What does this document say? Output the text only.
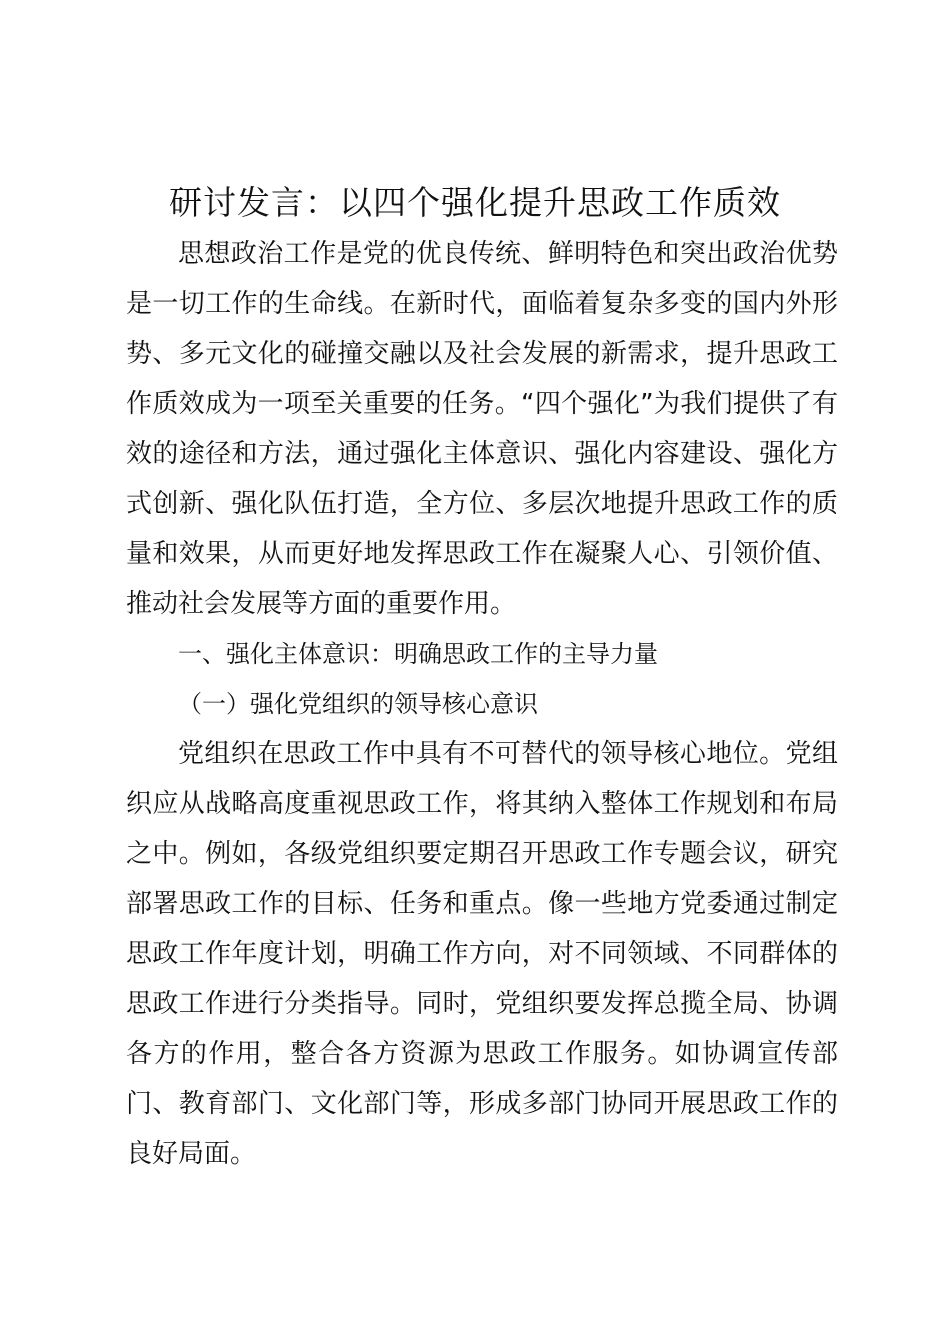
研讨发言：以四个强化提升思政工作质效

思想政治工作是党的优良传统、鲜明特色和突出政治优势是一切工作的生命线。在新时代，面临着复杂多变的国内外形势、多元文化的碰撞交融以及社会发展的新需求，提升思政工作质效成为一项至关重要的任务。“四个强化”为我们提供了有效的途径和方法，通过强化主体意识、强化内容建设、强化方式创新、强化队伍打造，全方位、多层次地提升思政工作的质量和效果，从而更好地发挥思政工作在凝聚人心、引领价值、推动社会发展等方面的重要作用。

一、强化主体意识：明确思政工作的主导力量

（一）强化党组织的领导核心意识

党组织在思政工作中具有不可替代的领导核心地位。党组织应从战略高度重视思政工作，将其纳入整体工作规划和布局之中。例如，各级党组织要定期召开思政工作专题会议，研究部署思政工作的目标、任务和重点。像一些地方党委通过制定思政工作年度计划，明确工作方向，对不同领域、不同群体的思政工作进行分类指导。同时，党组织要发挥总揽全局、协调各方的作用，整合各方资源为思政工作服务。如协调宣传部门、教育部门、文化部门等，形成多部门协同开展思政工作的良好局面。
